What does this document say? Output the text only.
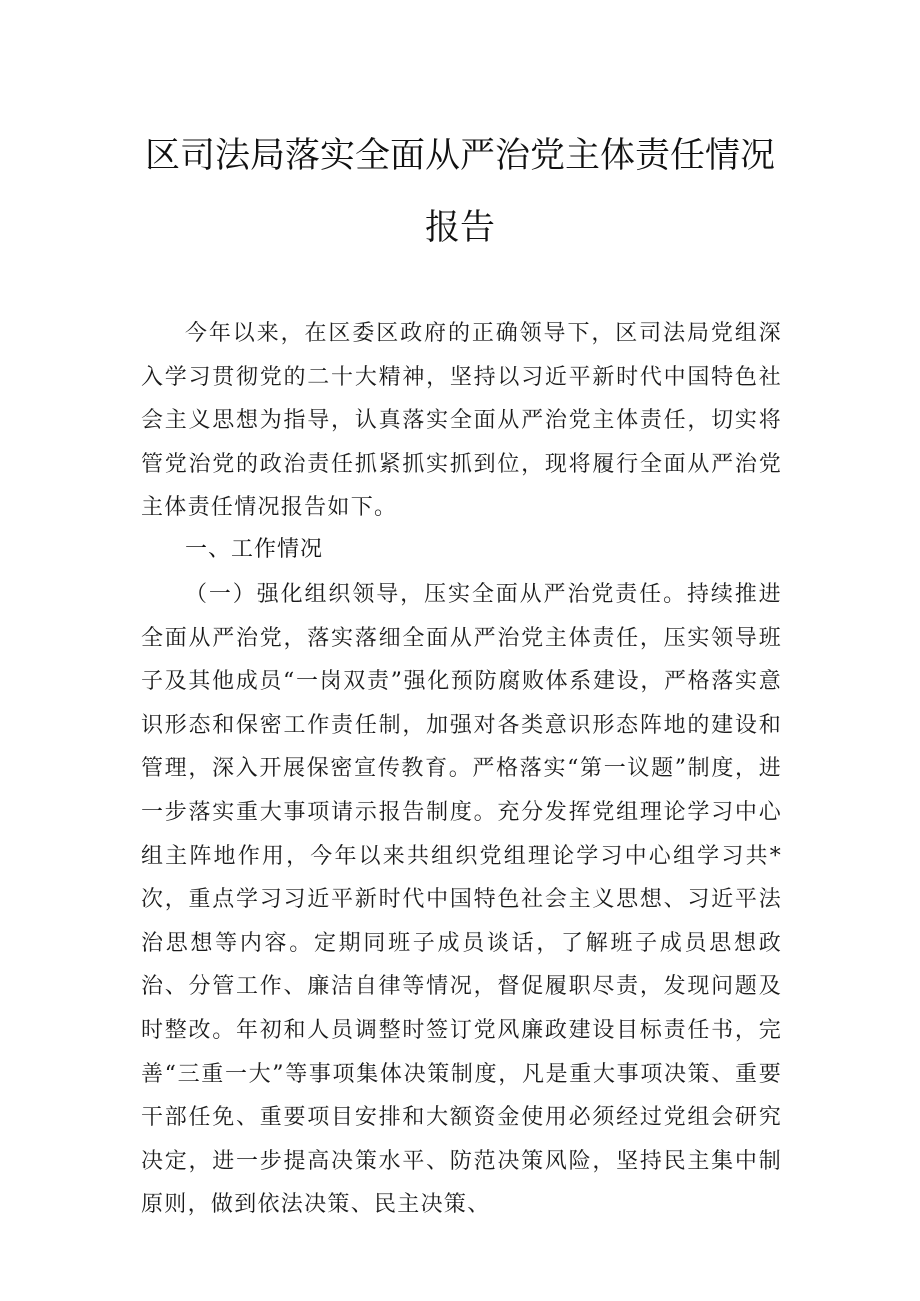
区司法局落实全面从严治党主体责任情况
报告

今年以来，在区委区政府的正确领导下，区司法局党组深入学习贯彻党的二十大精神，坚持以习近平新时代中国特色社会主义思想为指导，认真落实全面从严治党主体责任，切实将管党治党的政治责任抓紧抓实抓到位，现将履行全面从严治党主体责任情况报告如下。

一、工作情况

（一）强化组织领导，压实全面从严治党责任。持续推进全面从严治党，落实落细全面从严治党主体责任，压实领导班子及其他成员“一岗双责”强化预防腐败体系建设，严格落实意识形态和保密工作责任制，加强对各类意识形态阵地的建设和管理，深入开展保密宣传教育。严格落实“第一议题”制度，进一步落实重大事项请示报告制度。充分发挥党组理论学习中心组主阵地作用，今年以来共组织党组理论学习中心组学习共*次，重点学习习近平新时代中国特色社会主义思想、习近平法治思想等内容。定期同班子成员谈话，了解班子成员思想政治、分管工作、廉洁自律等情况，督促履职尽责，发现问题及时整改。年初和人员调整时签订党风廉政建设目标责任书，完善“三重一大”等事项集体决策制度，凡是重大事项决策、重要干部任免、重要项目安排和大额资金使用必须经过党组会研究决定，进一步提高决策水平、防范决策风险，坚持民主集中制原则，做到依法决策、民主决策、
